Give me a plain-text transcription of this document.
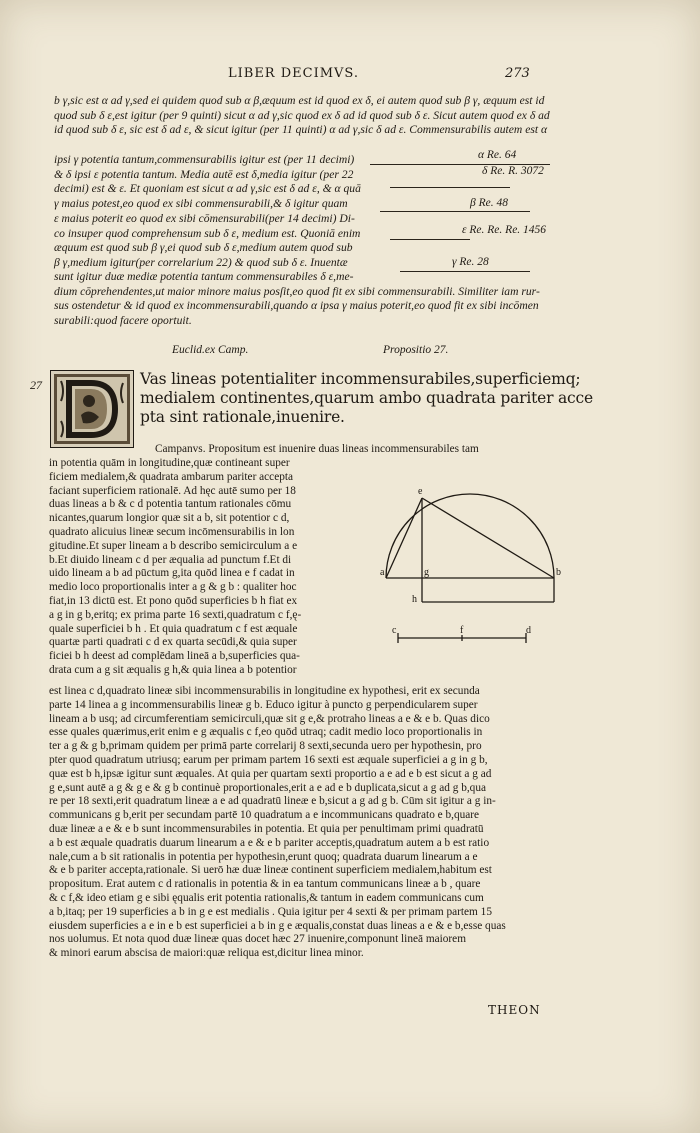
LIBER DECIMVS.	273
b γ,sic est α ad γ,sed ei quidem quod sub α β,æquum est id quod ex δ, ei autem quod sub β γ, æquum est id
quod sub δ ε,est igitur (per 9 quinti) sicut α ad γ,sic quod ex δ ad id quod sub δ ε. Sicut autem quod ex δ ad
id quod sub δ ε, sic est δ ad ε, & sicut igitur (per 11 quinti) α ad γ,sic δ ad ε. Commensurabilis autem est α
ipsi γ potentia tantum,commensurabilis igitur est (per 11 decimi)
& δ ipsi ε potentia tantum. Media autē est δ,media igitur (per 22
decimi) est & ε. Et quoniam est sicut α ad γ,sic est δ ad ε, & α quā
γ maius potest,eo quod ex sibi commensurabili,& δ igitur quam
ε maius poterit eo quod ex sibi cōmensurabili(per 14 decimi) Di-
co insuper quod comprehensum sub δ ε, medium est. Quoniā enim
æquum est quod sub β γ,ei quod sub δ ε,medium autem quod sub
β γ,medium igitur(per correlarium 22) & quod sub δ ε. Inuentæ
α Re. 64
δ Re. R. 3072
β Re. 48
ε Re. Re. Re. 1456
γ Re. 28
sunt igitur duæ mediæ potentia tantum commensurabiles δ ε,me-
dium cōprehendentes,ut maior minore maius posſit,eo quod fit ex sibi commensurabili. Similiter iam rur-
sus ostendetur & id quod ex incommensurabili,quando α ipsa γ maius poterit,eo quod fit ex sibi incōmen
surabili:quod facere oportuit.
Euclid.ex Camp.	Propositio 27.
27	Vas lineas potentialiter incommensurabiles,superficiemq;
medialem continentes,quarum ambo quadrata pariter acce
pta sint rationale,inuenire.
Campanvs. Propositum est inuenire duas lineas incommensurabiles tam
in potentia quām in longitudine,quæ contineant super
ficiem medialem,& quadrata ambarum pariter accepta
faciant superficiem rationalē. Ad hęc autē sumo per 18
duas lineas a b & c d potentia tantum rationales cōmu
nicantes,quarum longior quæ sit a b, sit potentior c d,
quadrato alicuius lineæ secum incōmensurabilis in lon
gitudine.Et super lineam a b describo semicirculum a e
b.Et diuido lineam c d per æqualia ad punctum f.Et di
uido lineam a b ad pūctum g,ita quōd linea e f cadat in
medio loco proportionalis inter a g & g b : qualiter hoc
fiat,in 13 dictū est. Et pono quōd superficies b h fiat ex
a g in g b,eritq; ex prima parte 16 sexti,quadratum c f,ę-
quale superficiei b h . Et quia quadratum c f est æquale
quartæ parti quadrati c d ex quarta secūdi,& quia super
ficiei b h deest ad complēdam lineā a b,superficies qua-
drata cum a g sit æqualis g h,& quia linea a b potentior
a	b
e
g
h
c	f	d
est linea c d,quadrato lineæ sibi incommensurabilis in longitudine ex hypothesi, erit ex secunda
parte 14 linea a g incommensurabilis lineæ g b. Educo igitur à puncto g perpendicularem super
lineam a b usq; ad circumferentiam semicirculi,quæ sit g e,& protraho lineas a e & e b. Quas dico
esse quales quærimus,erit enim e g æqualis c f,eo quōd utraq; cadit medio loco proportionalis in
ter a g & g b,primam quidem per primā parte correlarij 8 sexti,secunda uero per hypothesin, pro
pter quod quadratum utriusq; earum per primam partem 16 sexti est æquale superficiei a g in g b,
quæ est b h,ipsæ igitur sunt æquales. At quia per quartam sexti proportio a e ad e b est sicut a g ad
g e,sunt autē a g & g e & g b continuè proportionales,erit a e ad e b duplicata,sicut a g ad g b,qua
re per 18 sexti,erit quadratum lineæ a e ad quadratū lineæ e b,sicut a g ad g b. Cūm sit igitur a g in-
communicans g b,erit per secundam partē 10 quadratum a e incommunicans quadrato e b,quare
duæ lineæ a e & e b sunt incommensurabiles in potentia. Et quia per penultimam primi quadratū
a b est æquale quadratis duarum linearum a e & e b pariter acceptis,quadratum autem a b est ratio
nale,cum a b sit rationalis in potentia per hypothesin,erunt quoq; quadrata duarum linearum a e
& e b pariter accepta,rationale. Si uerō hæ duæ lineæ continent superficiem medialem,habitum est
propositum. Erat autem c d rationalis in potentia & in ea tantum communicans lineæ a b , quare
& c f,& ideo etiam g e sibi ęqualis erit potentia rationalis,& tantum in eadem communicans cum
a b,itaq; per 19 superficies a b in g e est medialis . Quia igitur per 4 sexti & per primam partem 15
eiusdem superficies a e in e b est superficiei a b in g e æqualis,constat duas lineas a e & e b,esse quas
nos uolumus. Et nota quod duæ lineæ quas docet hæc 27 inuenire,componunt lineā maiorem
& minori earum abscisa de maiori:quæ reliqua est,dicitur linea minor.
THEON
